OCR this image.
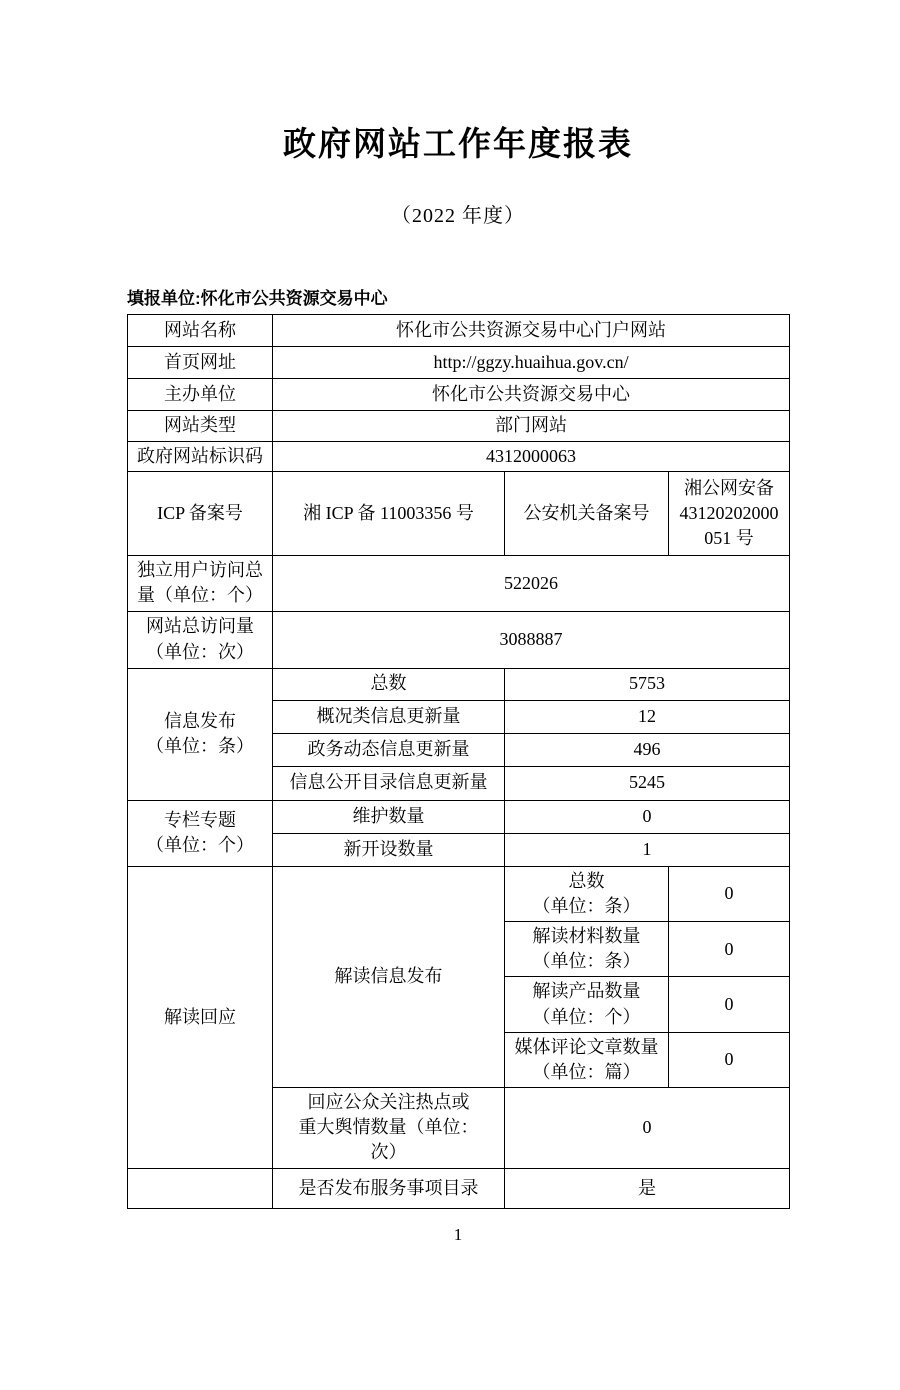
政府网站工作年度报表
（2022 年度）
填报单位:怀化市公共资源交易中心
网站名称	怀化市公共资源交易中心门户网站		
首页网址	http://ggzy.huaihua.gov.cn/		
主办单位	怀化市公共资源交易中心		
网站类型	部门网站		
政府网站标识码	4312000063		
ICP 备案号	湘 ICP 备 11003356 号	公安机关备案号	湘公网安备
43120202000
051 号

独立用户访问总量（单位：个）	522026		

网站总访问量
（单位：次）	3088887		

信息发布
（单位：条）	总数	5753	
	概况类信息更新量	12	
	政务动态信息更新量	496	
	信息公开目录信息更新量	5245	

专栏专题
（单位：个）	维护数量	0	
	新开设数量	1	
解读回应	解读信息发布	总数
（单位：条）	0

		解读材料数量
（单位：条）	0

		解读产品数量
（单位：个）	0

		媒体评论文章数量
（单位：篇）	0

	回应公众关注热点或
重大舆情数量（单位：
次）	0	
	是否发布服务事项目录	是	
1
